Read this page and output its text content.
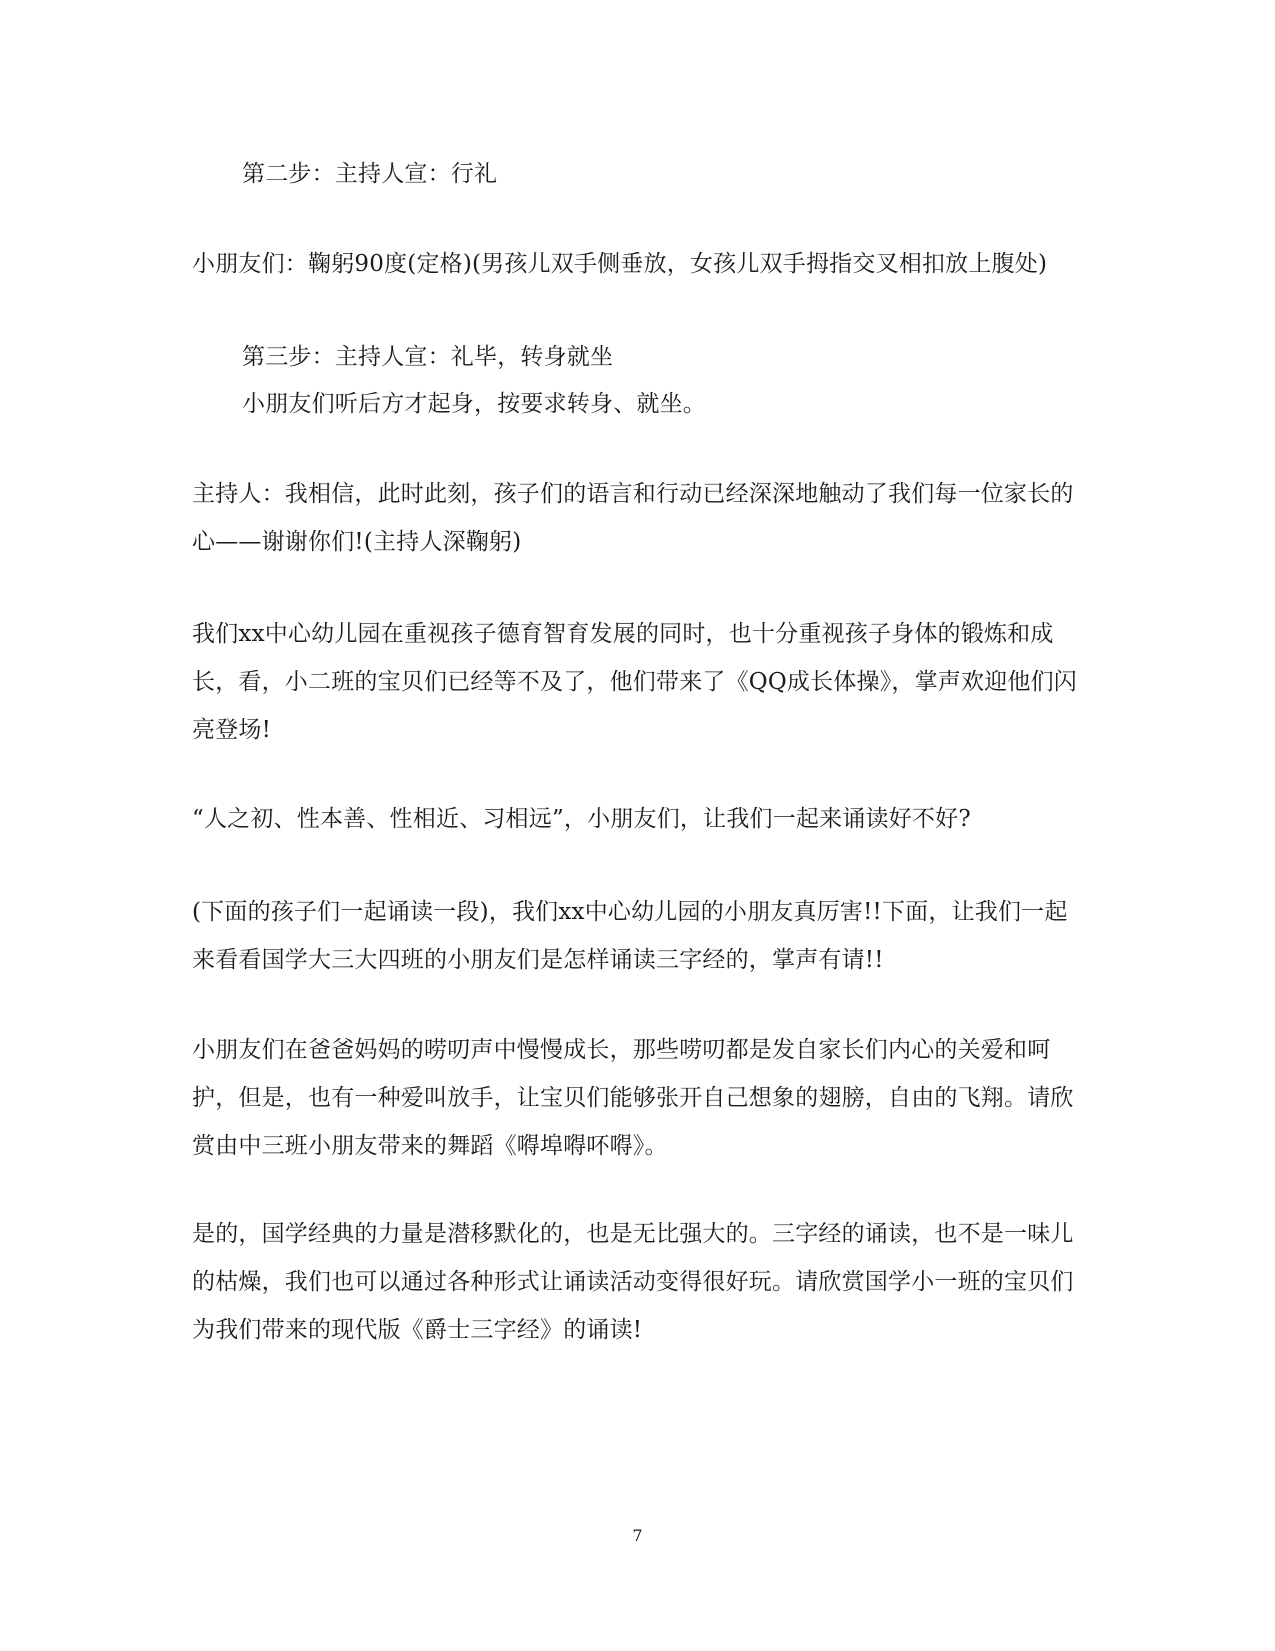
第二步：主持人宣：行礼

小朋友们：鞠躬90度(定格)(男孩儿双手侧垂放，女孩儿双手拇指交叉相扣放上腹处)

第三步：主持人宣：礼毕，转身就坐

小朋友们听后方才起身，按要求转身、就坐。

主持人：我相信，此时此刻，孩子们的语言和行动已经深深地触动了我们每一位家长的心——谢谢你们!(主持人深鞠躬)

我们xx中心幼儿园在重视孩子德育智育发展的同时，也十分重视孩子身体的锻炼和成长，看，小二班的宝贝们已经等不及了，他们带来了《QQ成长体操》，掌声欢迎他们闪亮登场!

“人之初、性本善、性相近、习相远”，小朋友们，让我们一起来诵读好不好?

(下面的孩子们一起诵读一段)，我们xx中心幼儿园的小朋友真厉害!!下面，让我们一起来看看国学大三大四班的小朋友们是怎样诵读三字经的，掌声有请!!

小朋友们在爸爸妈妈的唠叨声中慢慢成长，那些唠叨都是发自家长们内心的关爱和呵护，但是，也有一种爱叫放手，让宝贝们能够张开自己想象的翅膀，自由的飞翔。请欣赏由中三班小朋友带来的舞蹈《嘚埠嘚吥嘚》。

是的，国学经典的力量是潜移默化的，也是无比强大的。三字经的诵读，也不是一味儿的枯燥，我们也可以通过各种形式让诵读活动变得很好玩。请欣赏国学小一班的宝贝们为我们带来的现代版《爵士三字经》的诵读!

7
